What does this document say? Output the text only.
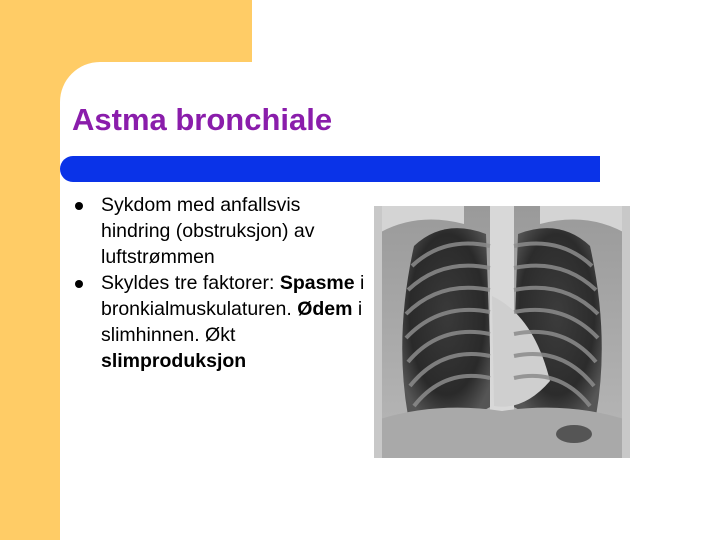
Astma bronchiale
Sykdom med anfallsvis hindring (obstruksjon) av luftstrømmen
Skyldes tre faktorer: Spasme i bronkialmuskulaturen. Ødem i slimhinnen. Økt slimproduksjon
